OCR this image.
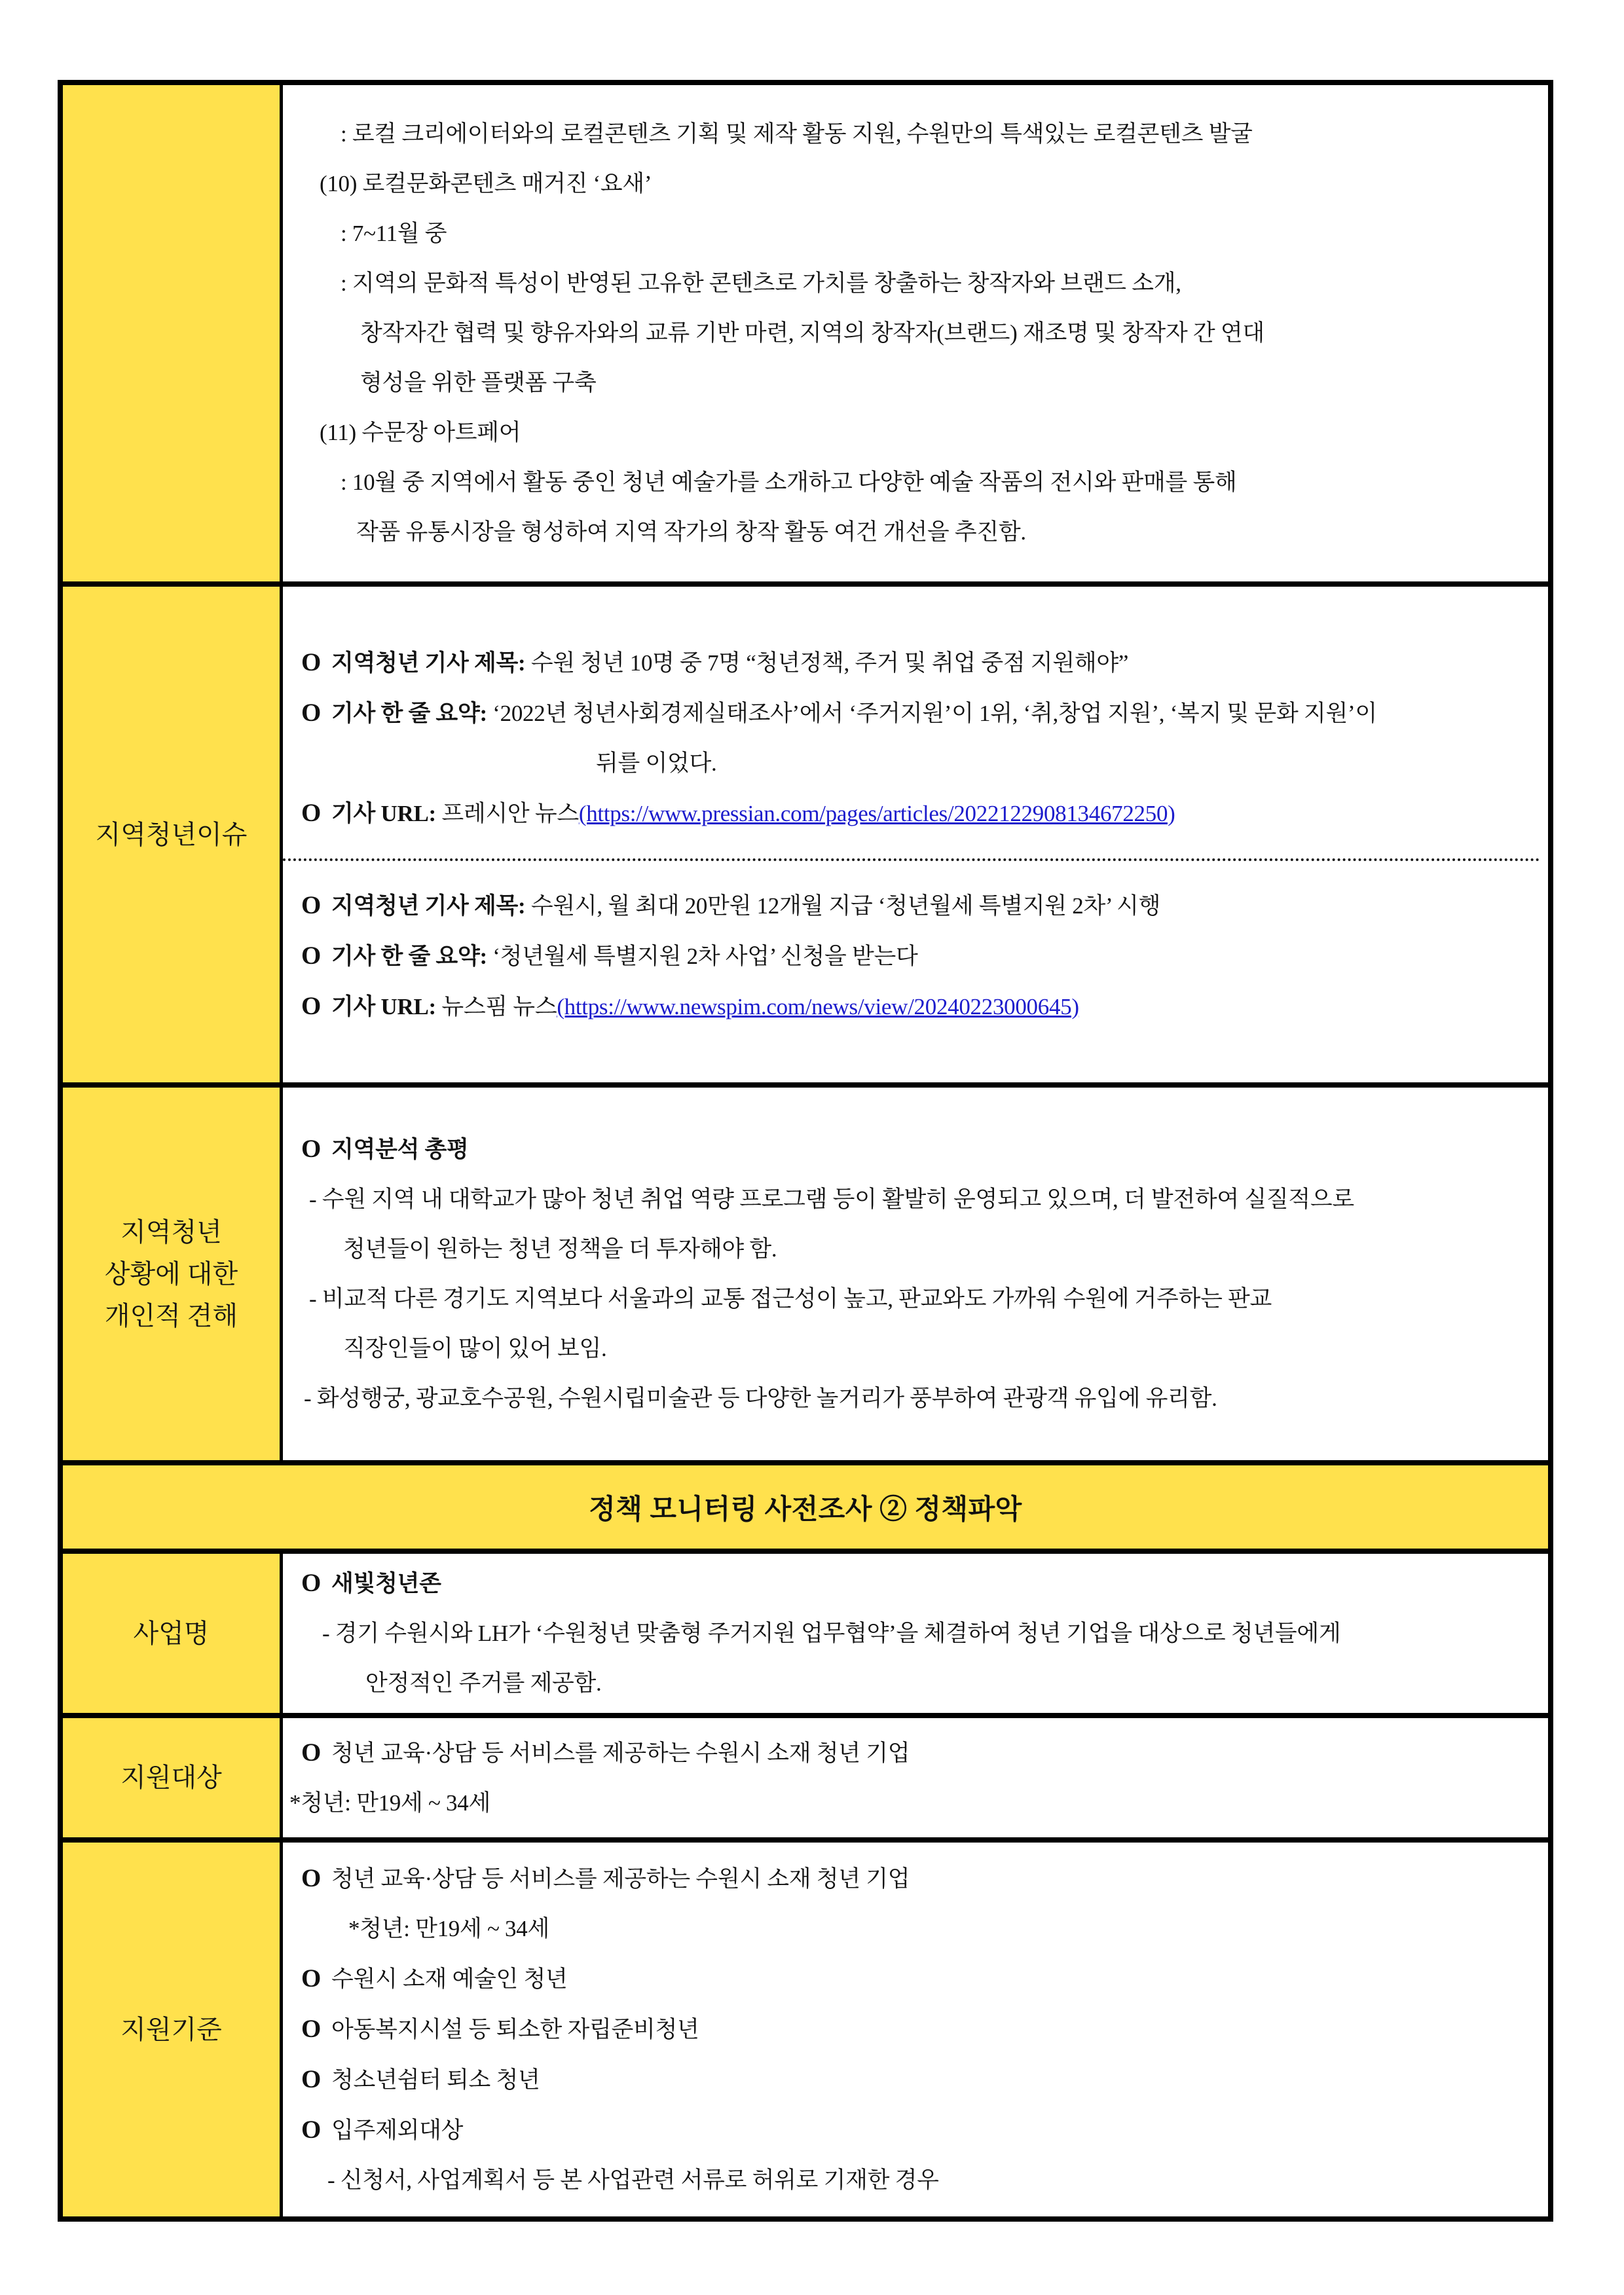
: 로컬 크리에이터와의 로컬콘텐츠 기획 및 제작 활동 지원, 수원만의 특색있는 로컬콘텐츠 발굴
(10) 로컬문화콘텐츠 매거진 ‘요새’
: 7~11월 중
: 지역의 문화적 특성이 반영된 고유한 콘텐츠로 가치를 창출하는 창작자와 브랜드 소개,
창작자간 협력 및 향유자와의 교류 기반 마련, 지역의 창작자(브랜드) 재조명 및 창작자 간 연대
형성을 위한 플랫폼 구축
(11) 수문장 아트페어
: 10월 중 지역에서 활동 중인 청년 예술가를 소개하고 다양한 예술 작품의 전시와 판매를 통해
작품 유통시장을 형성하여 지역 작가의 창작 활동 여건 개선을 추진함.
지역청년이슈
O 지역청년 기사 제목: 수원 청년 10명 중 7명 “청년정책, 주거 및 취업 중점 지원해야”
O 기사 한 줄 요약: ‘2022년 청년사회경제실태조사’에서 ‘주거지원’이 1위, ‘취,창업 지원’, ‘복지 및 문화 지원’이
뒤를 이었다.
O 기사 URL: 프레시안 뉴스(https://www.pressian.com/pages/articles/2022122908134672250)
O 지역청년 기사 제목: 수원시, 월 최대 20만원 12개월 지급 ‘청년월세 특별지원 2차’ 시행
O 기사 한 줄 요약: ‘청년월세 특별지원 2차 사업’ 신청을 받는다
O 기사 URL: 뉴스핌 뉴스(https://www.newspim.com/news/view/20240223000645)
지역청년
상황에 대한
개인적 견해
O 지역분석 총평
- 수원 지역 내 대학교가 많아 청년 취업 역량 프로그램 등이 활발히 운영되고 있으며, 더 발전하여 실질적으로
청년들이 원하는 청년 정책을 더 투자해야 함.
- 비교적 다른 경기도 지역보다 서울과의 교통 접근성이 높고, 판교와도 가까워 수원에 거주하는 판교
직장인들이 많이 있어 보임.
- 화성행궁, 광교호수공원, 수원시립미술관 등 다양한 놀거리가 풍부하여 관광객 유입에 유리함.
정책 모니터링 사전조사 ② 정책파악
사업명
O 새빛청년존
- 경기 수원시와 LH가 ‘수원청년 맞춤형 주거지원 업무협약’을 체결하여 청년 기업을 대상으로 청년들에게
안정적인 주거를 제공함.
지원대상
O 청년 교육·상담 등 서비스를 제공하는 수원시 소재 청년 기업
*청년: 만19세 ~ 34세
지원기준
O 청년 교육·상담 등 서비스를 제공하는 수원시 소재 청년 기업
*청년: 만19세 ~ 34세
O 수원시 소재 예술인 청년
O 아동복지시설 등 퇴소한 자립준비청년
O 청소년쉼터 퇴소 청년
O 입주제외대상
- 신청서, 사업계획서 등 본 사업관련 서류로 허위로 기재한 경우
